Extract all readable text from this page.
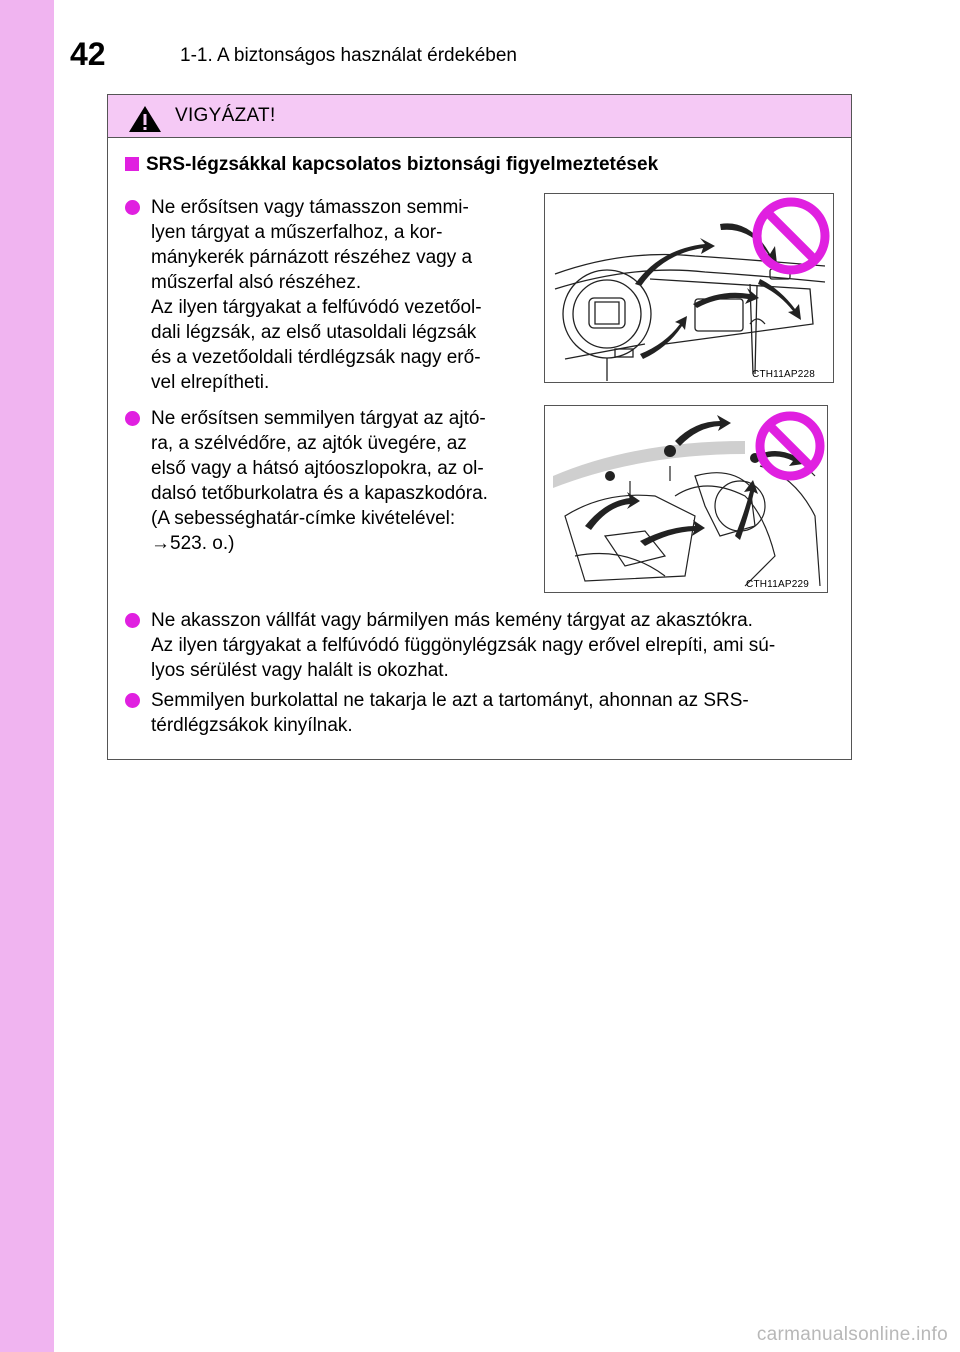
42	1-1. A biztonságos használat érdekében
VIGYÁZAT!
SRS-légzsákkal kapcsolatos biztonsági figyelmeztetések
Ne erősítsen vagy támasszon semmi-
lyen tárgyat a műszerfalhoz, a kor-
mánykerék párnázott részéhez vagy a
műszerfal alsó részéhez.
Az ilyen tárgyakat a felfúvódó vezetőol-
dali légzsák, az első utasoldali légzsák
és a vezetőoldali térdlégzsák nagy erő-
vel elrepítheti.
Ne erősítsen semmilyen tárgyat az ajtó-
ra, a szélvédőre, az ajtók üvegére, az
első vagy a hátsó ajtóoszlopokra, az ol-
dalsó tetőburkolatra és a kapaszkodóra.
(A sebességhatár-címke kivételével:
→523. o.)
Ne akasszon vállfát vagy bármilyen más kemény tárgyat az akasztókra.
Az ilyen tárgyakat a felfúvódó függönylégzsák nagy erővel elrepíti, ami sú-
lyos sérülést vagy halált is okozhat.
Semmilyen burkolattal ne takarja le azt a tartományt, ahonnan az SRS-
térdlégzsákok kinyílnak.
CTH11AP228
CTH11AP229
carmanualsonline.info
